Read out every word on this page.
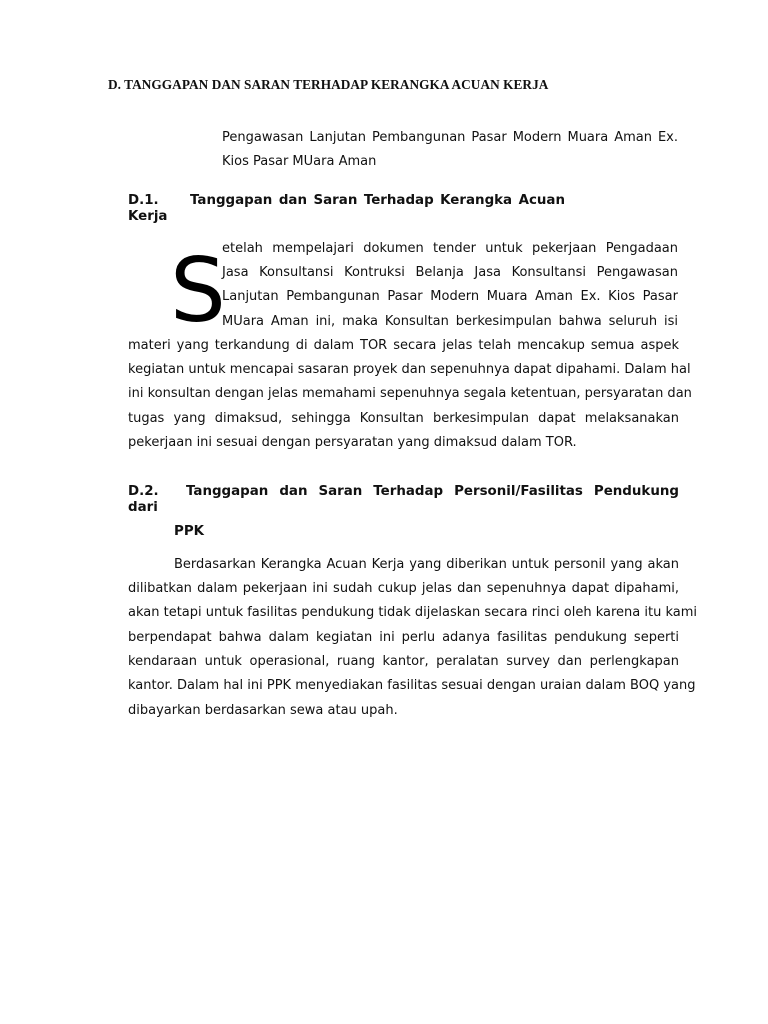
D. TANGGAPAN DAN SARAN TERHADAP KERANGKA ACUAN KERJA
Pengawasan Lanjutan Pembangunan Pasar Modern Muara Aman Ex. Kios Pasar MUara Aman
D.1. Tanggapan dan Saran Terhadap Kerangka Acuan
Kerja
S
etelah mempelajari dokumen tender untuk pekerjaan Pengadaan
Jasa Konsultansi Kontruksi Belanja Jasa Konsultansi Pengawasan
Lanjutan Pembangunan Pasar Modern Muara Aman Ex. Kios Pasar
MUara Aman ini, maka Konsultan berkesimpulan bahwa seluruh isi
materi yang terkandung di dalam TOR secara jelas telah mencakup semua aspek
kegiatan untuk mencapai sasaran proyek dan sepenuhnya dapat dipahami. Dalam hal
ini konsultan dengan jelas memahami sepenuhnya segala ketentuan, persyaratan dan
tugas yang dimaksud, sehingga Konsultan berkesimpulan dapat melaksanakan
pekerjaan ini sesuai dengan persyaratan yang dimaksud dalam TOR.
D.2. Tanggapan dan Saran Terhadap Personil/Fasilitas Pendukung
dari
PPK
Berdasarkan Kerangka Acuan Kerja yang diberikan untuk personil yang akan
dilibatkan dalam pekerjaan ini sudah cukup jelas dan sepenuhnya dapat dipahami,
akan tetapi untuk fasilitas pendukung tidak dijelaskan secara rinci oleh karena itu kami
berpendapat bahwa dalam kegiatan ini perlu adanya fasilitas pendukung seperti
kendaraan untuk operasional, ruang kantor, peralatan survey dan perlengkapan
kantor. Dalam hal ini PPK menyediakan fasilitas sesuai dengan uraian dalam BOQ yang
dibayarkan berdasarkan sewa atau upah.
